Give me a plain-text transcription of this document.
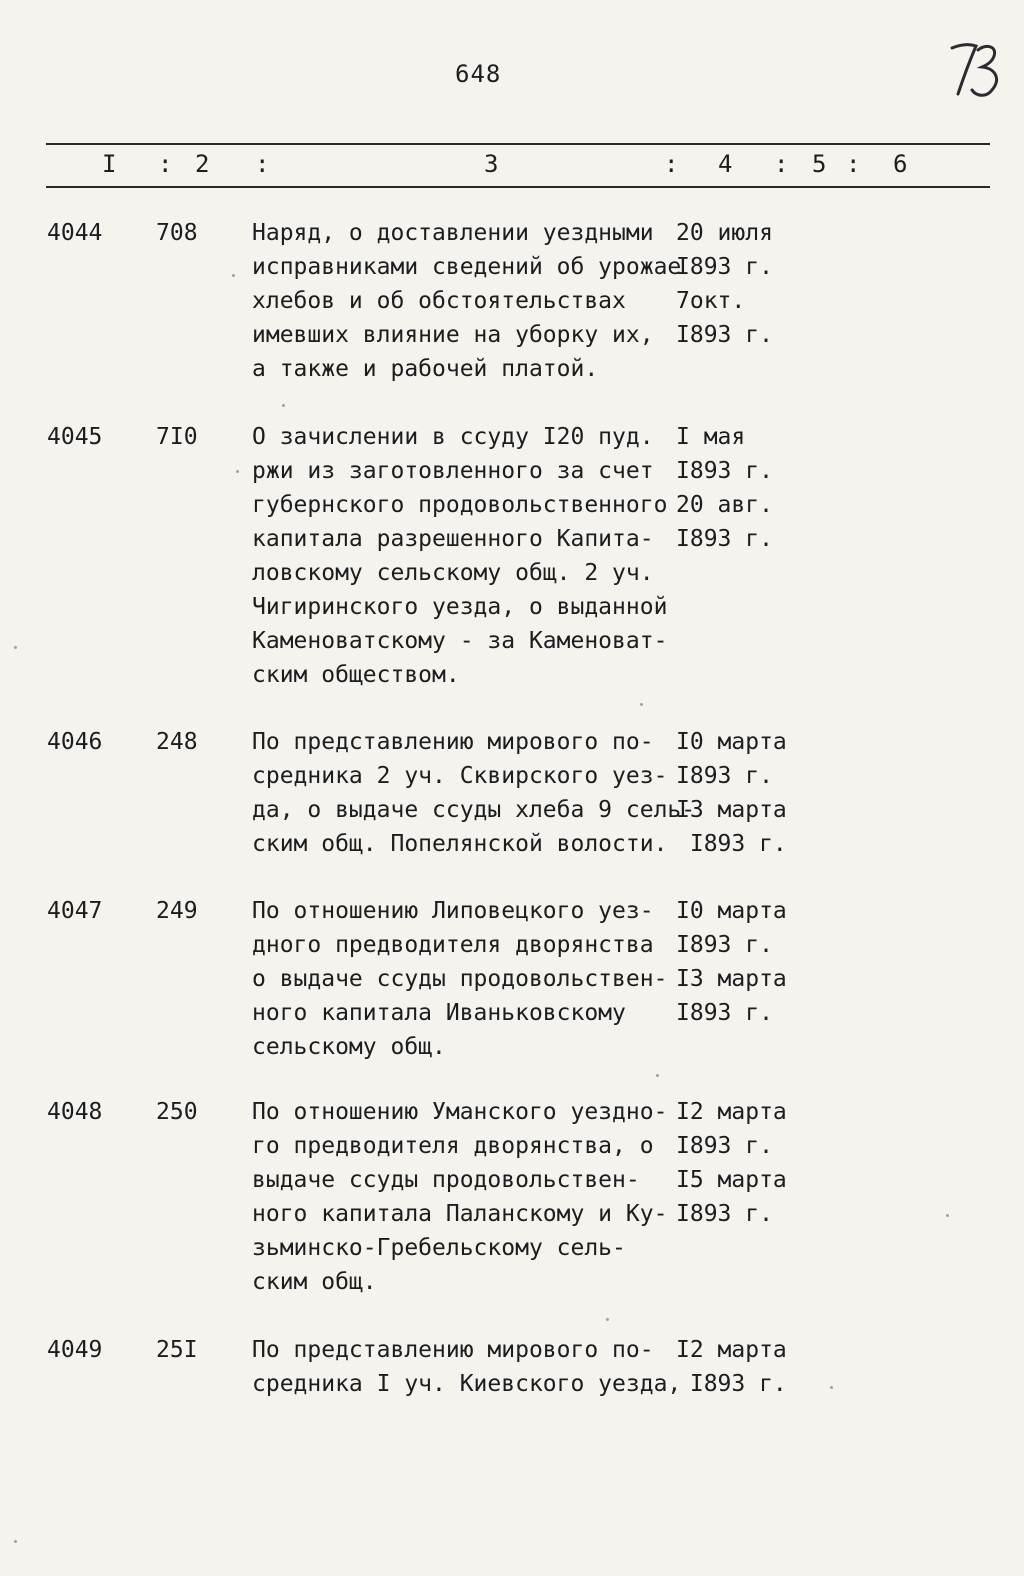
648
I : 2 :	3	: 4 : 5 : 6
4044 708 Наряд, о доставлении уездными
исправниками сведений об урожае
хлебов и об обстоятельствах
имевших влияние на уборку их,
а также и рабочей платой.
20 июля
I893 г.
7окт.
I893 г.
4045 7I0 О зачислении в ссуду I20 пуд.
ржи из заготовленного за счет
губернского продовольственного
капитала разрешенного Капита-
ловскому сельскому общ. 2 уч.
Чигиринского уезда, о выданной
Каменоватскому - за Каменоват-
ским обществом.
I мая
I893 г.
20 авг.
I893 г.
4046 248 По представлению мирового по-
средника 2 уч. Сквирского уез-
да, о выдаче ссуды хлеба 9 сель-
ским общ. Попелянской волости.
I0 марта
I893 г.
I3 марта
I893 г.
4047 249 По отношению Липовецкого уез-
дного предводителя дворянства
о выдаче ссуды продовольствен-
ного капитала Иваньковскому
сельскому общ.
I0 марта
I893 г.
I3 марта
I893 г.
4048 250 По отношению Уманского уездно-
го предводителя дворянства, о
выдаче ссуды продовольствен-
ного капитала Паланскому и Ку-
зьминско-Гребельскому сель-
ским общ.
I2 марта
I893 г.
I5 марта
I893 г.
4049 25I По представлению мирового по-
средника I уч. Киевского уезда,
I2 марта
I893 г.
